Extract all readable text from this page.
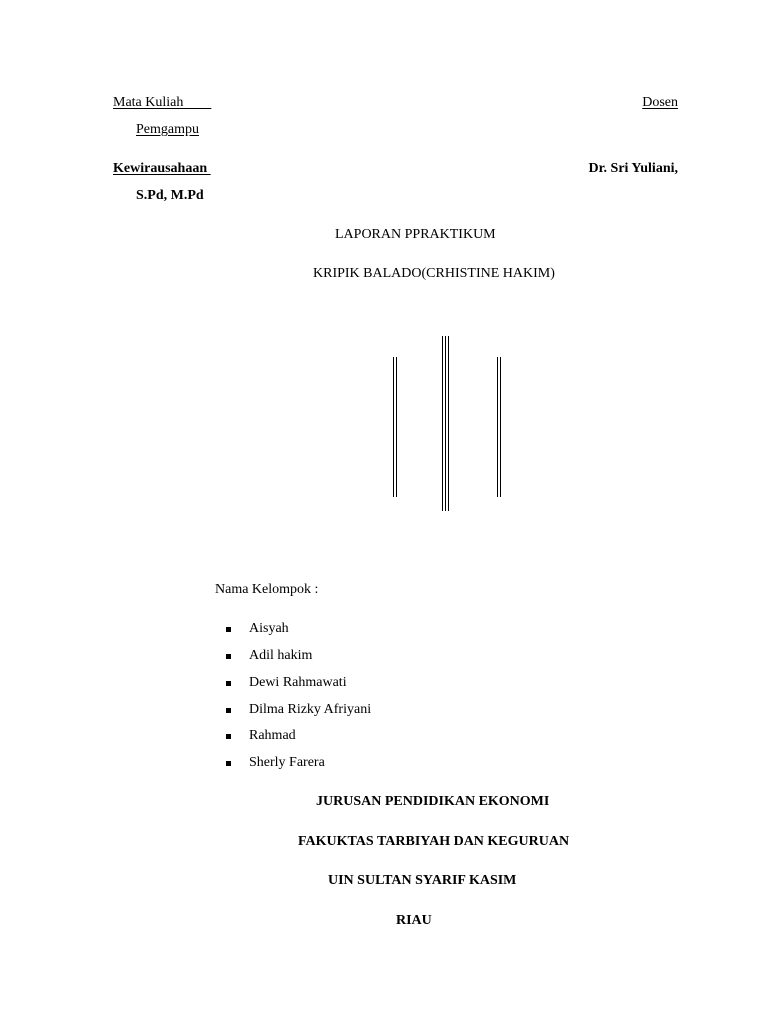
Mata Kuliah	Dosen
Pemgampu
Kewirausahaan	Dr. Sri Yuliani,
S.Pd, M.Pd
LAPORAN PPRAKTIKUM
KRIPIK BALADO(CRHISTINE HAKIM)
Nama Kelompok :
Aisyah
Adil hakim
Dewi Rahmawati
Dilma Rizky Afriyani
Rahmad
Sherly Farera
JURUSAN PENDIDIKAN EKONOMI
FAKUKTAS TARBIYAH DAN KEGURUAN
UIN SULTAN SYARIF KASIM
RIAU
